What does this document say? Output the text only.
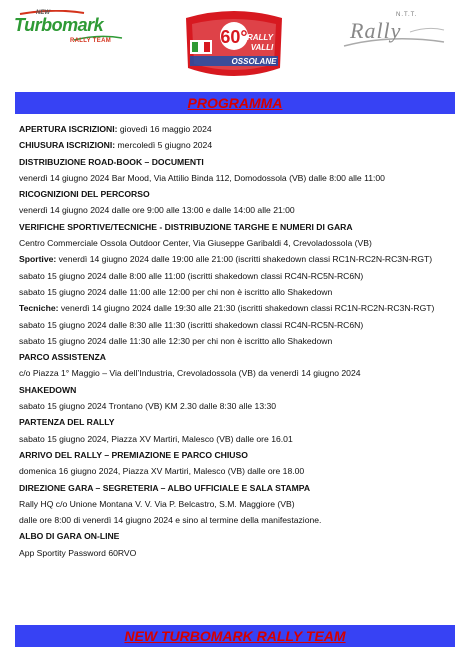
NEW
Turbomark
RALLY TEAM	60° RALLY
VALLI
OSSOLANE
N.T.T.
Rally
PROGRAMMA
APERTURA ISCRIZIONI: giovedì 16 maggio 2024
CHIUSURA ISCRIZIONI: mercoledì 5 giugno 2024
DISTRIBUZIONE ROAD-BOOK – DOCUMENTI
venerdì 14 giugno 2024 Bar Mood, Via Attilio Binda 112, Domodossola (VB) dalle 8:00 alle 11:00
RICOGNIZIONI DEL PERCORSO
venerdì 14 giugno 2024 dalle ore 9:00 alle 13:00 e dalle 14:00 alle 21:00
VERIFICHE SPORTIVE/TECNICHE - DISTRIBUZIONE TARGHE E NUMERI DI GARA
Centro Commerciale Ossola Outdoor Center, Via Giuseppe Garibaldi 4, Crevoladossola (VB)
Sportive: venerdì 14 giugno 2024 dalle 19:00 alle 21:00 (iscritti shakedown classi RC1N-RC2N-RC3N-RGT)
sabato 15 giugno 2024 dalle 8:00 alle 11:00 (iscritti shakedown classi RC4N-RC5N-RC6N)
sabato 15 giugno 2024 dalle 11:00 alle 12:00 per chi non è iscritto allo Shakedown
Tecniche: venerdì 14 giugno 2024 dalle 19:30 alle 21:30 (iscritti shakedown classi RC1N-RC2N-RC3N-RGT)
sabato 15 giugno 2024 dalle 8:30 alle 11:30 (iscritti shakedown classi RC4N-RC5N-RC6N)
sabato 15 giugno 2024 dalle 11:30 alle 12:30 per chi non è iscritto allo Shakedown
PARCO ASSISTENZA
c/o Piazza 1° Maggio – Via dell’Industria, Crevoladossola (VB) da venerdì 14 giugno 2024
SHAKEDOWN
sabato 15 giugno 2024 Trontano (VB) KM 2.30 dalle 8:30 alle 13:30
PARTENZA DEL RALLY
sabato 15 giugno 2024, Piazza XV Martiri, Malesco (VB) dalle ore 16.01
ARRIVO DEL RALLY – PREMIAZIONE E PARCO CHIUSO
domenica 16 giugno 2024, Piazza XV Martiri, Malesco (VB) dalle ore 18.00
DIREZIONE GARA – SEGRETERIA – ALBO UFFICIALE E SALA STAMPA
Rally HQ c/o Unione Montana V. V. Via P. Belcastro, S.M. Maggiore (VB)
dalle ore 8:00 di venerdì 14 giugno 2024 e sino al termine della manifestazione.
ALBO DI GARA ON-LINE
App Sportity Password 60RVO
NEW TURBOMARK RALLY TEAM
